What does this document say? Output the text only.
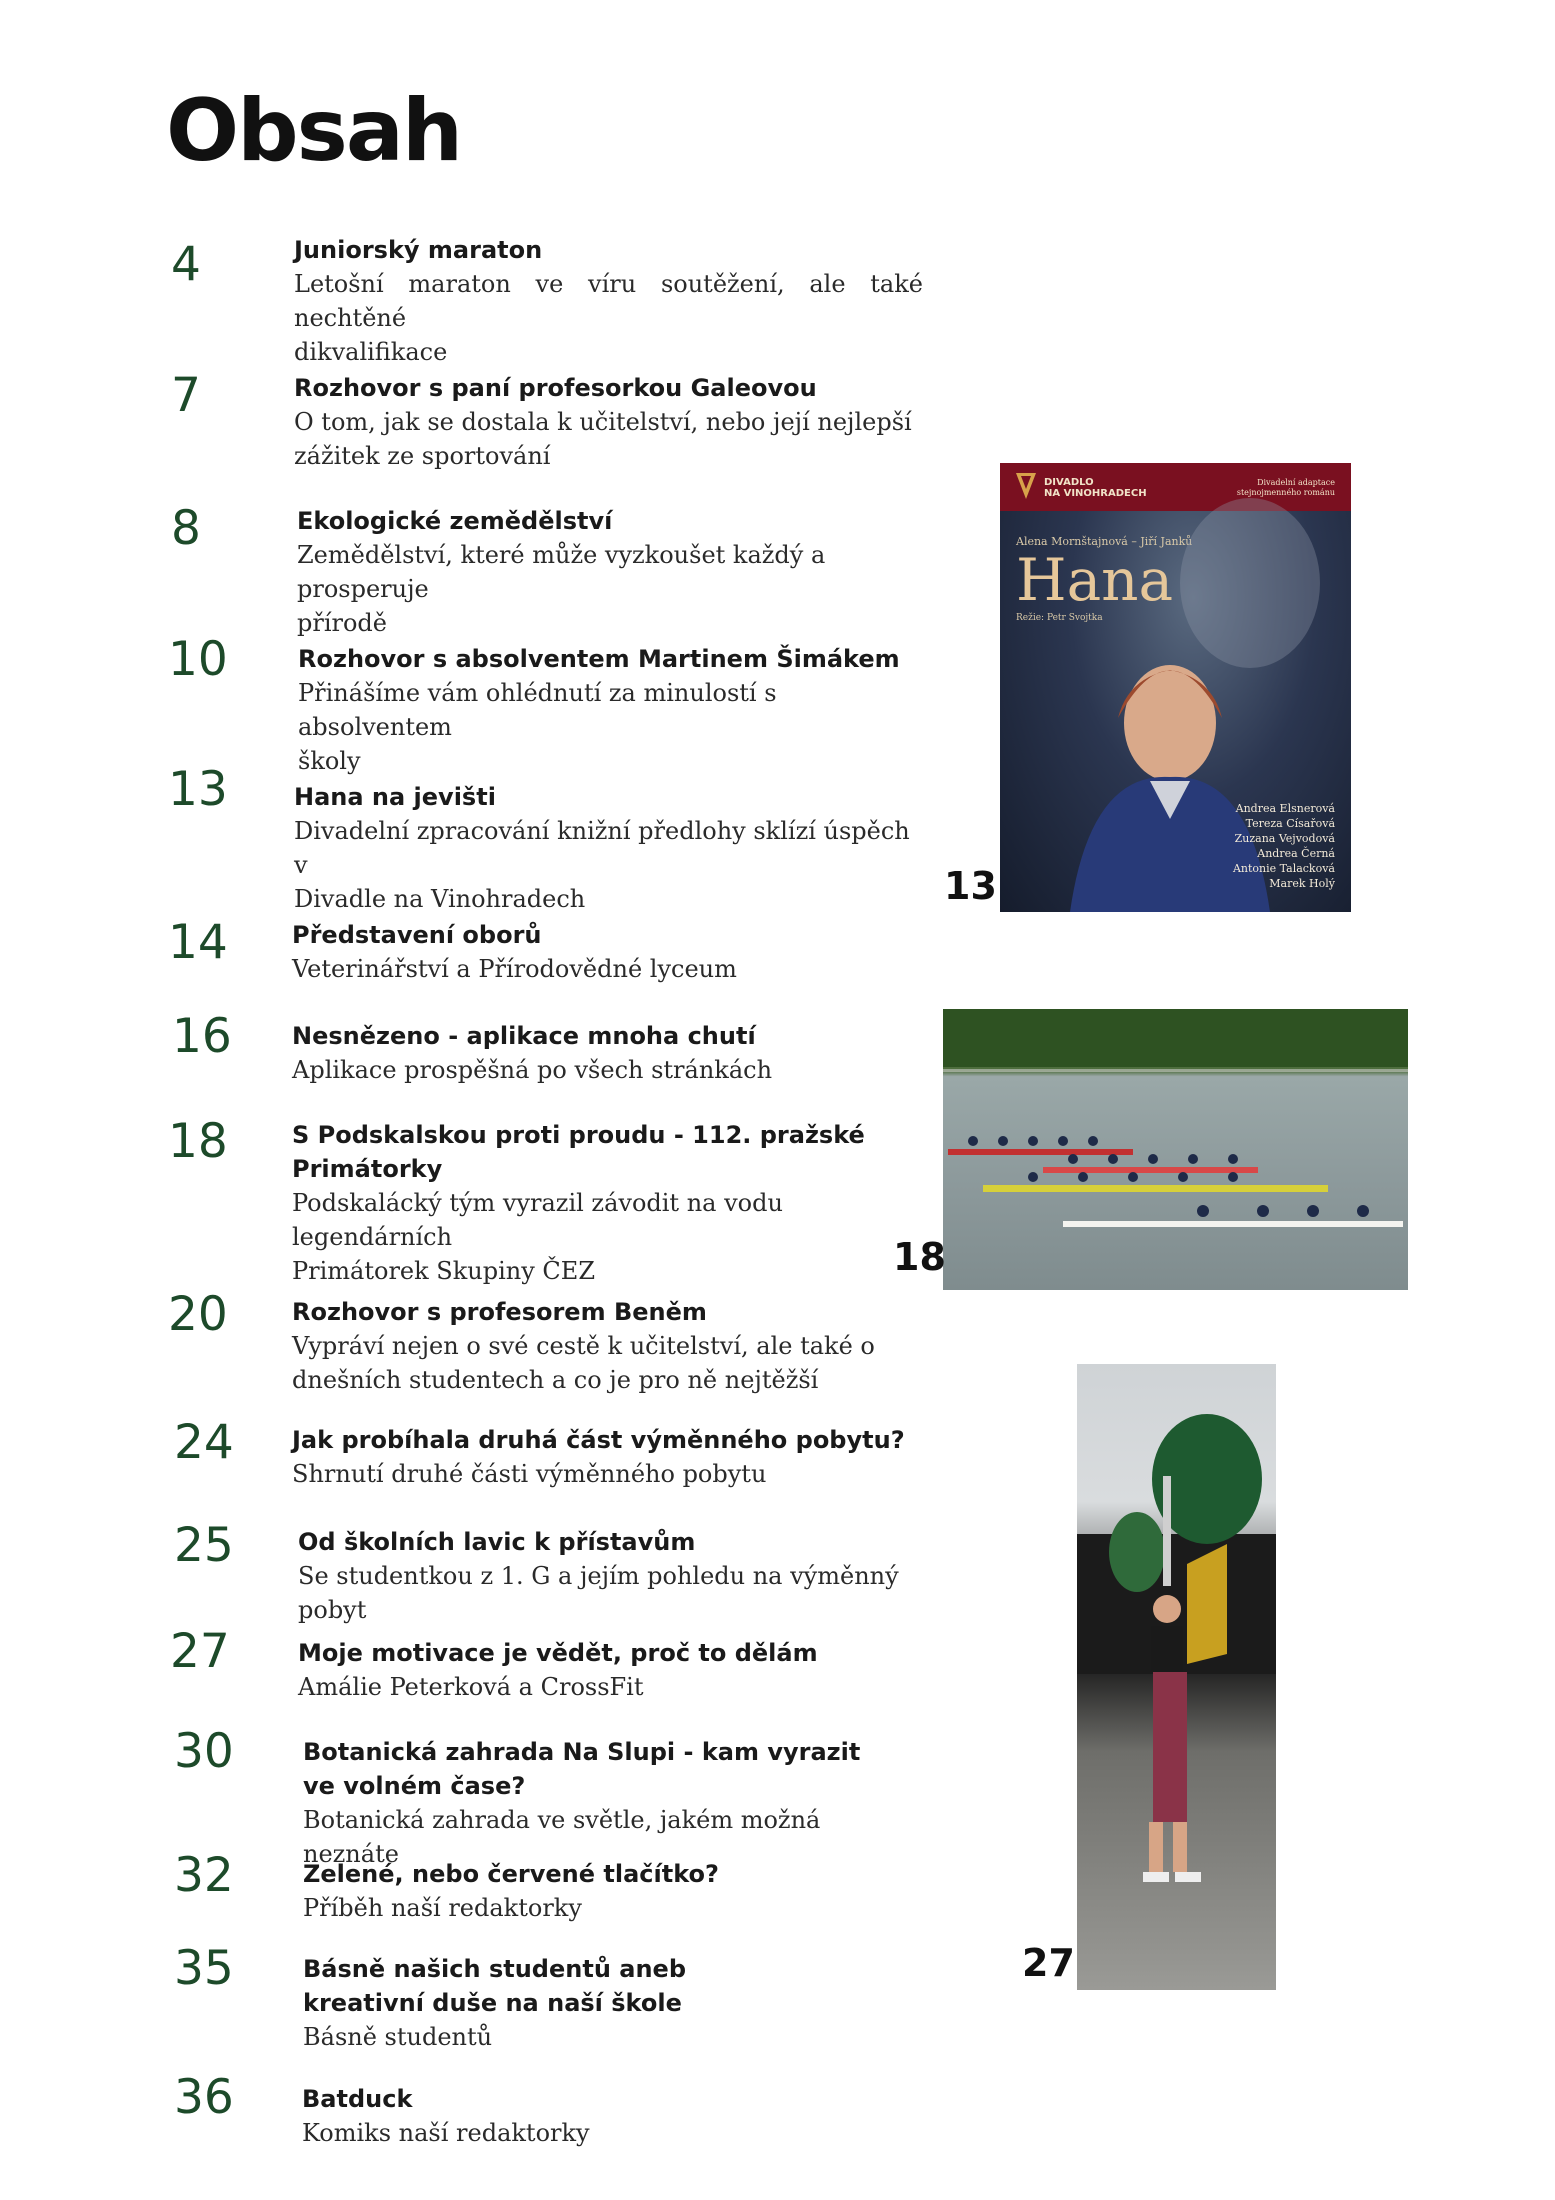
Obsah
4	Juniorský maraton
Letošní maraton ve víru soutěžení, ale také nechtěné
dikvalifikace
7	Rozhovor s paní profesorkou Galeovou
O tom, jak se dostala k učitelství, nebo její nejlepší
zážitek ze sportování
8	Ekologické zemědělství
Zemědělství, které může vyzkoušet každý a prosperuje
přírodě
10	Rozhovor s absolventem Martinem Šimákem
Přinášíme vám ohlédnutí za minulostí s absolventem
školy
13	Hana na jevišti
Divadelní zpracování knižní předlohy sklízí úspěch v
Divadle na Vinohradech
14	Představení oborů
Veterinářství a Přírodovědné lyceum
16	Nesnězeno - aplikace mnoha chutí
Aplikace prospěšná po všech stránkách
18	S Podskalskou proti proudu - 112. pražské Primátorky
Podskalácký tým vyrazil závodit na vodu legendárních
Primátorek Skupiny ČEZ
20	Rozhovor s profesorem Beněm
Vypráví nejen o své cestě k učitelství, ale také o
dnešních studentech a co je pro ně nejtěžší
24 Jak probíhala druhá část výměnného pobytu?
Shrnutí druhé části výměnného pobytu
25	Od školních lavic k přístavům
Se studentkou z 1. G a jejím pohledu na výměnný
pobyt
27	Moje motivace je vědět, proč to dělám
Amálie Peterková a CrossFit
30	Botanická zahrada Na Slupi - kam vyrazit ve volném čase?
Botanická zahrada ve světle, jakém možná neznáte
32	Zelené, nebo červené tlačítko?
Příběh naší redaktorky
35	Básně našich studentů aneb kreativní duše na naší škole
Básně studentů
36	Batduck
Komiks naší redaktorky
DIVADLO
NA VINOHRADECH
Divadelní adaptace
stejnojmenného románu
Alena Mornštajnová – Jiří Janků
Hana
Režie: Petr Svojtka
Andrea Elsnerová
Tereza Císařová
Zuzana Vejvodová
Andrea Černá
Antonie Talacková
Marek Holý
13
18
27
